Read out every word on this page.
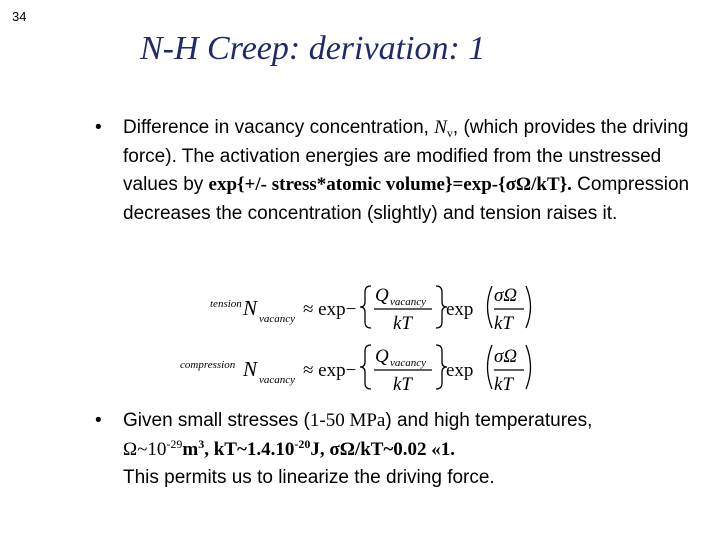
34
N-H Creep: derivation: 1
• Difference in vacancy concentration, $N_v$, (which provides the driving force). The activation energies are modified from the unstressed values by exp{+/- stress*atomic volume}=exp-{σΩ/kT}. Compression decreases the concentration (slightly) and tension raises it.
tension N vacancy ≈ exp−
Q vacancy
kT
exp
σΩ
kT
compression N vacancy ≈ exp−
Q vacancy
kT
exp
σΩ
kT
• Given small stresses (1-50 MPa) and high temperatures,
$\Omega\sim 10^{-29}m^3$, $kT\sim 1.4.10^{-20}J$, σΩ/kT~0.02 «1.
This permits us to linearize the driving force.
